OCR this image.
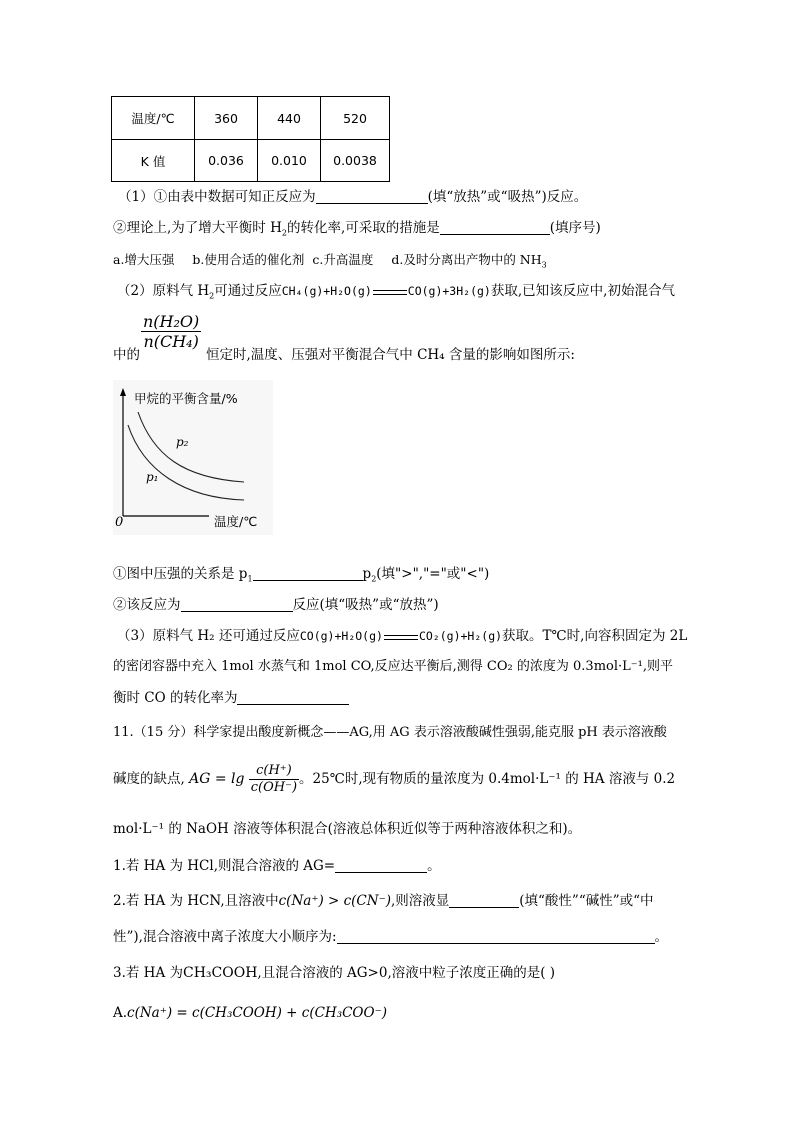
温度/℃	360	440	520
K 值	0.036	0.010	0.0038
（1）①由表中数据可知正反应为	(填“放热”或“吸热”)反应。
②理论上,为了增大平衡时 $H_2$的转化率,可采取的措施是	(填序号)
a.增大压强 b.使用合适的催化剂 c.升高温度 d.及时分离出产物中的 $NH_3$
（2）原料气 $H_2$可通过反应CH₄(g)+H₂O(g)	CO(g)+3H₂(g)获取,已知该反应中,初始混合气
$\frac{\text{n(H₂O)}}{\text{n(CH₄)}}$
中的	恒定时,温度、压强对平衡混合气中 CH₄ 含量的影响如图所示:
甲烷的平衡含量/%
0	温度/℃
p₂
p₁
①图中压强的关系是 $p_1$	$p_2$(填">","="或"<")
②该反应为	反应(填“吸热”或“放热”)
（3）原料气 H₂ 还可通过反应CO(g)+H₂O(g)	CO₂(g)+H₂(g)获取。T℃时,向容积固定为 2L
的密闭容器中充入 1mol 水蒸气和 1mol CO,反应达平衡后,测得 CO₂ 的浓度为 0.3mol·L⁻¹,则平
衡时 CO 的转化率为
11.（15 分）科学家提出酸度新概念——AG,用 AG 表示溶液酸碱性强弱,能克服 pH 表示溶液酸
碱度的缺点, AG = $\lg \frac{c(H^+)}{c(OH^-)}$ 。25℃时,现有物质的量浓度为 0.4mol·L⁻¹ 的 HA 溶液与 0.2
mol·L⁻¹ 的 NaOH 溶液等体积混合(溶液总体积近似等于两种溶液体积之和)。
1.若 HA 为 HCl,则混合溶液的 AG=	。
2.若 HA 为 HCN,且溶液中c(Na⁺) > c(CN⁻),则溶液显	(填“酸性”“碱性”或“中
性”),混合溶液中离子浓度大小顺序为:	。
3.若 HA 为CH₃COOH,且混合溶液的 AG>0,溶液中粒子浓度正确的是( )
A.c(Na⁺) = c(CH₃COOH) + c(CH₃COO⁻)
